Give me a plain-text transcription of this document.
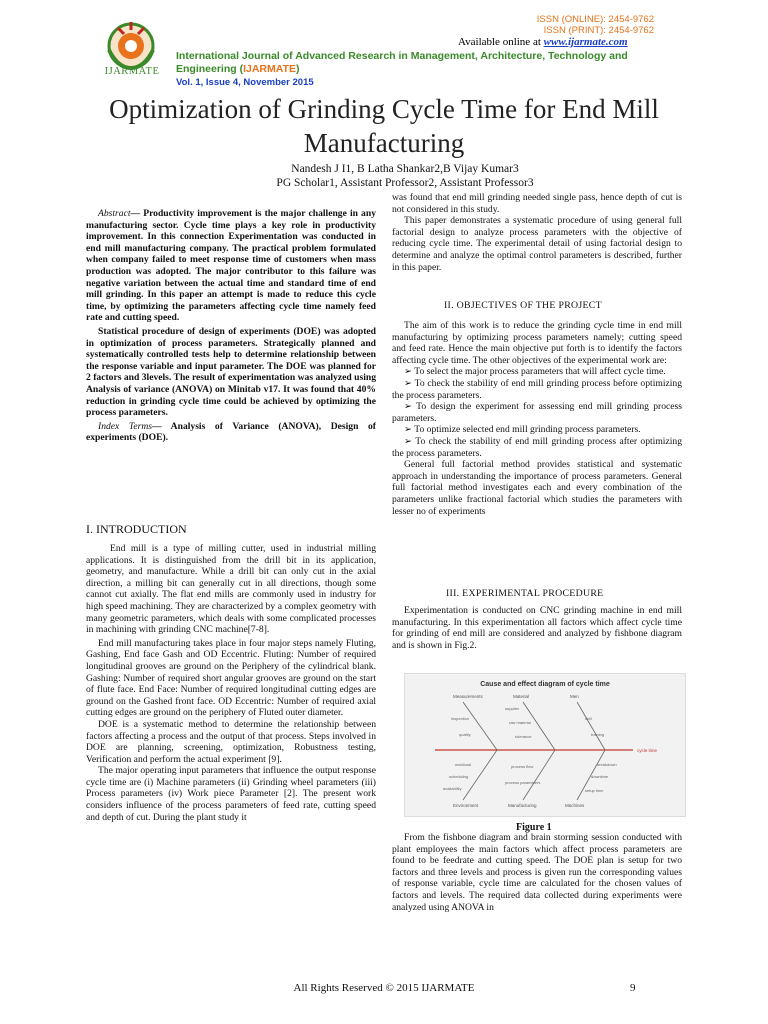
IJARMATE
ISSN (ONLINE): 2454-9762
ISSN (PRINT): 2454-9762
Available online at www.ijarmate.com
International Journal of Advanced Research in Management, Architecture, Technology and Engineering (IJARMATE)
Vol. 1, Issue 4, November 2015
Optimization of Grinding Cycle Time for End Mill Manufacturing
Nandesh J I1, B Latha Shankar2,B Vijay Kumar3
PG Scholar1, Assistant Professor2, Assistant Professor3

Abstract— Productivity improvement is the major challenge in any manufacturing sector. Cycle time plays a key role in productivity improvement. In this connection Experimentation was conducted in end mill manufacturing company. The practical problem formulated when company failed to meet response time of customers when mass production was adopted. The major contributor to this failure was negative variation between the actual time and standard time of end mill grinding. In this paper an attempt is made to reduce this cycle time, by optimizing the parameters affecting cycle time namely feed rate and cutting speed.

Statistical procedure of design of experiments (DOE) was adopted in optimization of process parameters. Strategically planned and systematically controlled tests help to determine relationship between the response variable and input parameter. The DOE was planned for 2 factors and 3levels. The result of experimentation was analyzed using Analysis of variance (ANOVA) on Minitab v17. It was found that 40% reduction in grinding cycle time could be achieved by optimizing the process parameters.

Index Terms— Analysis of Variance (ANOVA), Design of experiments (DOE).

I. INTRODUCTION

End mill is a type of milling cutter, used in industrial milling applications. It is distinguished from the drill bit in its application, geometry, and manufacture. While a drill bit can only cut in the axial direction, a milling bit can generally cut in all directions, though some cannot cut axially. The flat end mills are commonly used in industry for high speed machining. They are characterized by a complex geometry with many geometric parameters, which deals with some complicated processes in machining with grinding CNC machine[7-8].

End mill manufacturing takes place in four major steps namely Fluting, Gashing, End face Gash and OD Eccentric. Fluting: Number of required longitudinal grooves are ground on the Periphery of the cylindrical blank. Gashing: Number of required short angular grooves are ground on the start of flute face. End Face: Number of required longitudinal cutting edges are ground on the Gashed front face. OD Eccentric: Number of required axial cutting edges are ground on the periphery of Fluted outer diameter.

DOE is a systematic method to determine the relationship between factors affecting a process and the output of that process. Steps involved in DOE are planning, screening, optimization, Robustness testing, Verification and perform the actual experiment [9].

The major operating input parameters that influence the output response cycle time are (i) Machine parameters (ii) Grinding wheel parameters (iii) Process parameters (iv) Work piece Parameter [2]. The present work considers influence of the process parameters of feed rate, cutting speed and depth of cut. During the plant study it

was found that end mill grinding needed single pass, hence depth of cut is not considered in this study.

This paper demonstrates a systematic procedure of using general full factorial design to analyze process parameters with the objective of reducing cycle time. The experimental detail of using factorial design to determine and analyze the optimal control parameters is described, further in this paper.

II. OBJECTIVES OF THE PROJECT

The aim of this work is to reduce the grinding cycle time in end mill manufacturing by optimizing process parameters namely; cutting speed and feed rate. Hence the main objective put forth is to identify the factors affecting cycle time. The other objectives of the experimental work are:

➢ To select the major process parameters that will affect cycle time.

➢ To check the stability of end mill grinding process before optimizing the process parameters.

➢ To design the experiment for assessing end mill grinding process parameters.

➢ To optimize selected end mill grinding process parameters.

➢ To check the stability of end mill grinding process after optimizing the process parameters.

General full factorial method provides statistical and systematic approach in understanding the importance of process parameters. General full factorial method investigates each and every combination of the parameters unlike fractional factorial which studies the parameters with lesser no of experiments

III. EXPERIMENTAL PROCEDURE

Experimentation is conducted on CNC grinding machine in end mill manufacturing. In this experimentation all factors which affect cycle time for grinding of end mill are considered and analyzed by fishbone diagram and is shown in Fig.2.

Cause and effect diagram of cycle time
Measurements	Material	Men
Environment	Manufacturing	Machines
cycle time
inspection
quality
supplier
raw material
tolerance
skill
training
workload
scheduling
availability
process flow
process parameters
breakdown
downtime
setup time
Figure 1

From the fishbone diagram and brain storming session conducted with plant employees the main factors which affect process parameters are found to be feedrate and cutting speed. The DOE plan is setup for two factors and three levels and process is given run the corresponding values of response variable, cycle time are calculated for the chosen values of factors and levels. The required data collected during experiments were analyzed using ANOVA in

All Rights Reserved © 2015 IJARMATE	9
